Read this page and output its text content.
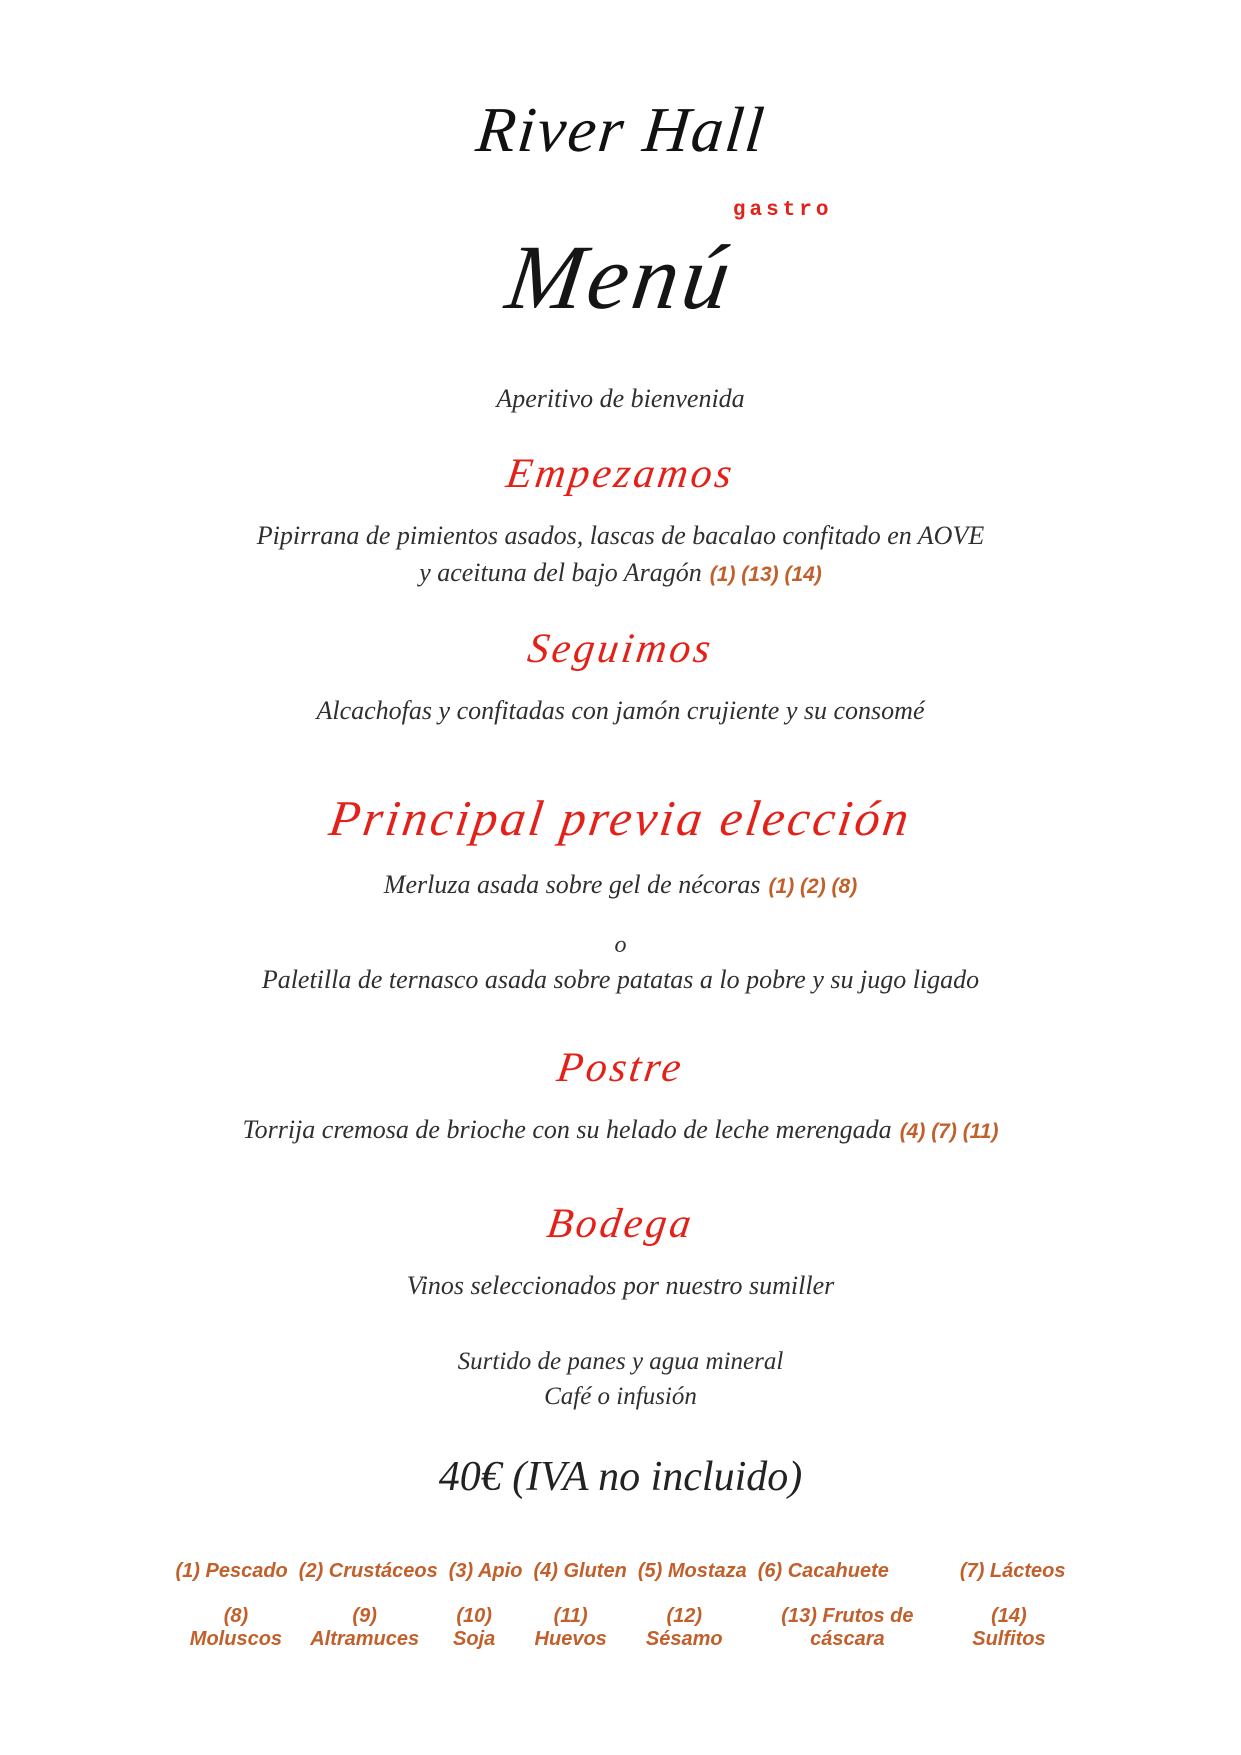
River Hall
gastro
Menú
Aperitivo de bienvenida
Empezamos
Pipirrana de pimientos asados, lascas de bacalao confitado en AOVE
y aceituna del bajo Aragón (1) (13) (14)
Seguimos
Alcachofas y confitadas con jamón crujiente y su consomé
Principal previa elección
Merluza asada sobre gel de nécoras (1) (2) (8)
o
Paletilla de ternasco asada sobre patatas a lo pobre y su jugo ligado
Postre
Torrija cremosa de brioche con su helado de leche merengada (4) (7) (11)
Bodega
Vinos seleccionados por nuestro sumiller
Surtido de panes y agua mineral
Café o infusión
40€ (IVA no incluido)
(1) Pescado (2) Crustáceos (3) Apio (4) Gluten (5) Mostaza (6) Cacahuete	(7) Lácteos
(8) Moluscos
(9) Altramuces
(10) Soja
(11) Huevos
(12) Sésamo
(13) Frutos de cáscara
(14) Sulfitos
